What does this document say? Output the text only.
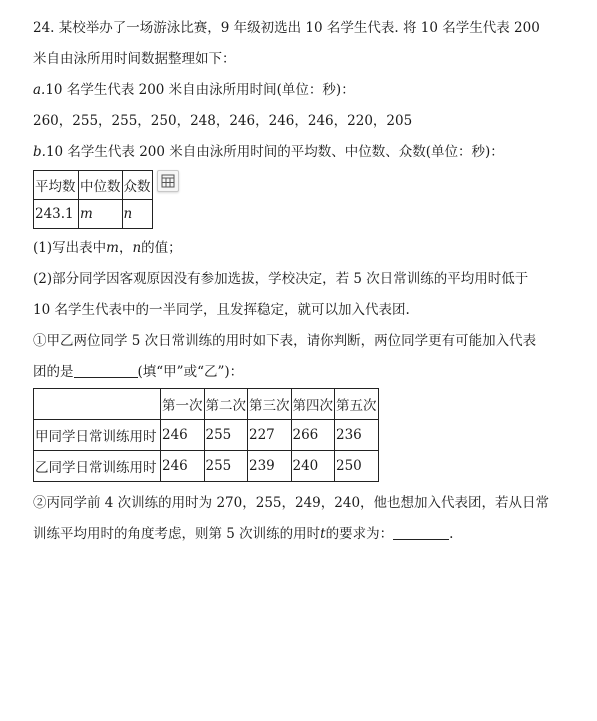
24. 某校举办了一场游泳比赛，9 年级初选出 10 名学生代表. 将 10 名学生代表 200
米自由泳所用时间数据整理如下：
a.10 名学生代表 200 米自由泳所用时间(单位：秒)：
260，255，255，250，248，246，246，246，220，205
b.10 名学生代表 200 米自由泳所用时间的平均数、中位数、众数(单位：秒)：
平均数	中位数	众数
243.1	m	n
(1)写出表中m，n的值；
(2)部分同学因客观原因没有参加选拔，学校决定，若 5 次日常训练的平均用时低于
10 名学生代表中的一半同学，且发挥稳定，就可以加入代表团.
①甲乙两位同学 5 次日常训练的用时如下表，请你判断，两位同学更有可能加入代表
团的是	(填“甲”或“乙”)：
	第一次	第二次	第三次	第四次	第五次
甲同学日常训练用时	246	255	227	266	236
乙同学日常训练用时	246	255	239	240	250
②丙同学前 4 次训练的用时为 270，255，249，240，他也想加入代表团，若从日常
训练平均用时的角度考虑，则第 5 次训练的用时t的要求为：	.
